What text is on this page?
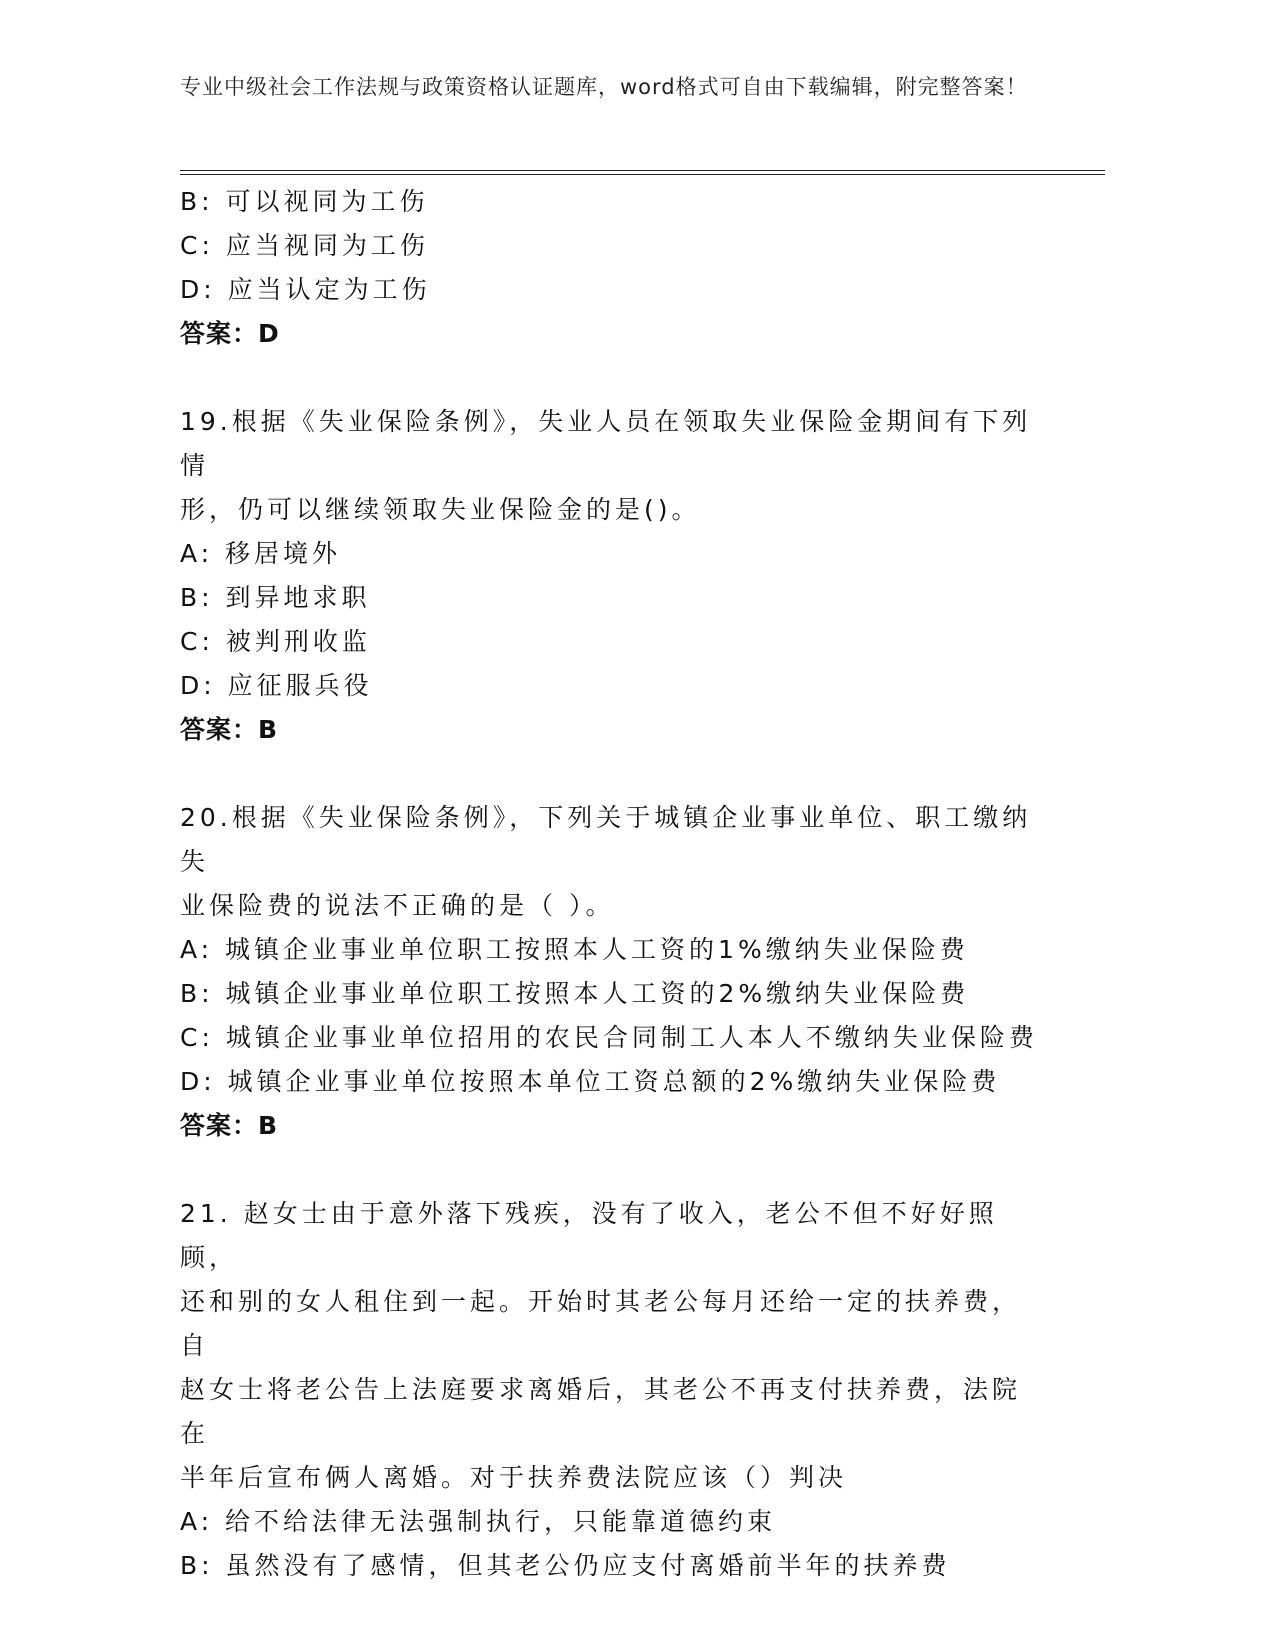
专业中级社会工作法规与政策资格认证题库，word格式可自由下载编辑，附完整答案！
B: 可以视同为工伤
C: 应当视同为工伤
D: 应当认定为工伤
答案：D
19.根据《失业保险条例》，失业人员在领取失业保险金期间有下列情
形，仍可以继续领取失业保险金的是()。
A: 移居境外
B: 到异地求职
C: 被判刑收监
D: 应征服兵役
答案：B
20.根据《失业保险条例》，下列关于城镇企业事业单位、职工缴纳失
业保险费的说法不正确的是（ ）。
A: 城镇企业事业单位职工按照本人工资的1%缴纳失业保险费
B: 城镇企业事业单位职工按照本人工资的2%缴纳失业保险费
C: 城镇企业事业单位招用的农民合同制工人本人不缴纳失业保险费
D: 城镇企业事业单位按照本单位工资总额的2%缴纳失业保险费
答案：B
21. 赵女士由于意外落下残疾，没有了收入，老公不但不好好照顾，
还和别的女人租住到一起。开始时其老公每月还给一定的扶养费，自
赵女士将老公告上法庭要求离婚后，其老公不再支付扶养费，法院在
半年后宣布俩人离婚。对于扶养费法院应该（）判决
A: 给不给法律无法强制执行，只能靠道德约束
B: 虽然没有了感情，但其老公仍应支付离婚前半年的扶养费
